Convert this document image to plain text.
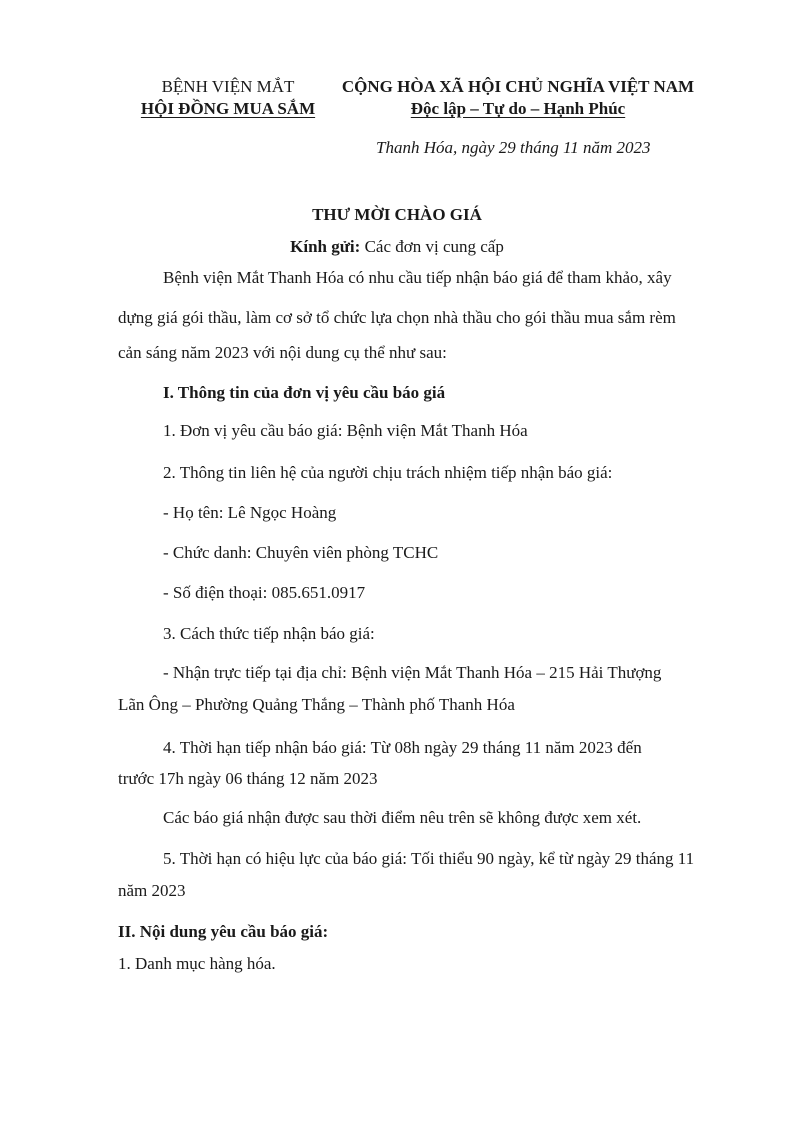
BỆNH VIỆN MẮT
HỘI ĐỒNG MUA SẮM
CỘNG HÒA XÃ HỘI CHỦ NGHĨA VIỆT NAM
Độc lập – Tự do – Hạnh Phúc
Thanh Hóa, ngày 29 tháng 11 năm 2023
THƯ MỜI CHÀO GIÁ
Kính gửi: Các đơn vị cung cấp
Bệnh viện Mắt Thanh Hóa có nhu cầu tiếp nhận báo giá để tham khảo, xây
dựng giá gói thầu, làm cơ sở tổ chức lựa chọn nhà thầu cho gói thầu mua sắm rèm
cản sáng năm 2023 với nội dung cụ thể như sau:
I. Thông tin của đơn vị yêu cầu báo giá
1. Đơn vị yêu cầu báo giá: Bệnh viện Mắt Thanh Hóa
2. Thông tin liên hệ của người chịu trách nhiệm tiếp nhận báo giá:
- Họ tên: Lê Ngọc Hoàng
- Chức danh: Chuyên viên phòng TCHC
- Số điện thoại: 085.651.0917
3. Cách thức tiếp nhận báo giá:
- Nhận trực tiếp tại địa chỉ: Bệnh viện Mắt Thanh Hóa – 215 Hải Thượng
Lãn Ông – Phường Quảng Thắng – Thành phố Thanh Hóa
4. Thời hạn tiếp nhận báo giá: Từ 08h ngày 29 tháng 11 năm 2023 đến
trước 17h ngày 06 tháng 12 năm 2023
Các báo giá nhận được sau thời điểm nêu trên sẽ không được xem xét.
5. Thời hạn có hiệu lực của báo giá: Tối thiểu 90 ngày, kể từ ngày 29 tháng 11
năm 2023
II. Nội dung yêu cầu báo giá:
1. Danh mục hàng hóa.
